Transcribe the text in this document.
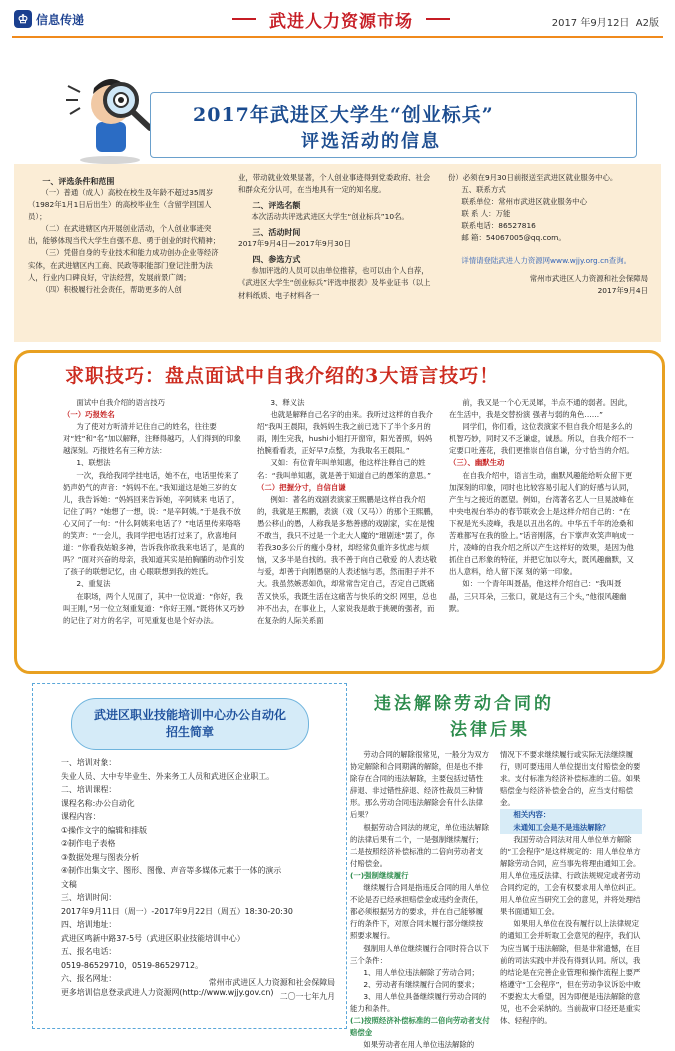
♔ 信息传递	武进人力资源市场	2017 年9月12日 A2版
2017年武进区大学生“创业标兵”
评选活动的信息

一、评选条件和范围

（一）普通（成人）高校在校生及年龄不超过35周岁（1982年1月1日后出生）的高校毕业生（含留学回国人员）；

（二）在武进辖区内开展创业活动，个人创业事迹突出，能够体现当代大学生自强不息、勇于创业的时代精神；

（三）凭借自身的专业技术和能力成功创办企业等经济实体，在武进辖区内工商、民政等职能部门登记注册为法人，行业内口碑良好，守法经营，发展前景广阔；

（四）积极履行社会责任，帮助更多的人创

业，带动就业效果显著，个人创业事迹得到党委政府、社会和群众充分认可，在当地具有一定的知名度。

二、评选名额

本次活动共评选武进区大学生“创业标兵”10名。

三、活动时间

2017年9月4日—2017年9月30日

四、参选方式

参加评选的人员可以由单位推荐，也可以由个人自荐，《武进区大学生“创业标兵”评选申报表》及毕业证书（以上材料纸质、电子材料各一

份）必须在9月30日前报送至武进区就业服务中心。

五、联系方式

联系单位：常州市武进区就业服务中心

联 系 人：万能

联系电话：86527816

邮 箱：54067005@qq.com。

详情请登陆武进人力资源网www.wjjy.org.cn查询。

常州市武进区人力资源和社会保障局

2017年9月4日

求职技巧：盘点面试中自我介绍的3大语言技巧！

面试中自我介绍的语言技巧

（一）巧报姓名

为了使对方听清并记住自己的姓名，往往要对“姓”和“名”加以解释，注释得越巧，人们得到的印象越深刻。巧报姓名有三种方法：

1、联想法

一次，我给我同学挂电话，她不在，电话里传来了奶声奶气的声音：“妈妈不在。”我知道这是她三岁的女儿，我告诉她：“妈妈回来告诉她，辛阿姨来 电话了，记住了吗？”她想了一想，说：“是辛阿姨。”于是我不放心又问了一句：“什么阿姨来电话了？”电话里传来咯咯的笑声：“一会儿，我同学把电话打过来了，欣喜地问道：“你看我姑娘多神，告诉我你欲我来电话了，是真的吗？”面对兴奋的母亲，我知道其实是拍胸脯的动作引发了孩子的联想记忆，由 心眼联想到我的姓氏。

2、重复法

在职场，两个人见面了，其中一位说道：“你好，我叫王刚，”另一位立刻重复道：“你好王刚。”既将休又巧妙的记住了对方的名字，可见重复也是个好办法。

3、释义法

也就是解释自己名字的由来。我听过这样的自我介绍“我叫王晨阳，我妈妈生我之前已选下了半个多月的雨，刚生完我，hushi小姐打开窗帘，阳光普照，妈妈抬腕看看表，正好早7点整，为我取名王晨阳。”

又如：有位青年叫单知惠，他这样注释自己的姓名：“我叫单知惠，就是善于知道自己的愚笨的意思。”

（二）把握分寸，自信自谦

例如：著名的戏剧表演家王熙鹏是这样自我介绍的，我就是王熙鹏，表演（戏（又马））的那个王熙鹏，愚公移山的愚，人称我是多愁善感的戏剧家，实在是愧不敢当，我只不过是一个北大人魔的“璀剧迷”罢了，你若我30多公斤的瘦小身材，却经常负重许多忧虑与烦恼，又多半是自找的。我不善于向自己敬爱 的人表达敬与爱，却善于向刚愚驱的人表述恼与恶，然而胆子并不大。我虽然嫉恶如仇，却常常告定自己，否定自己既痛苦又快乐，我既生活在这痛苦与快乐的交织 网里，总也冲不出去，在事业上，人家说我是敢于挑硬的强者，而在复杂的人际关系面

前，我又是一个心无灵犀，半点不通的弱者。因此，在生活中，我是交替扮演 强者与弱的角色……”

同学们，你们看，这位表演家不但自我介绍是多么的机智巧妙，同时又不乏谦虚，诚恳。所以，自我介绍不一定要口吐莲花，我们更推崇自信自谦，分寸恰当的介绍。

（三）、幽默生动

在自我介绍中，语言生动，幽默风趣能给听众留下更加深刻的印象，同时也比较容易引起人们的好感与认同，产生与之接近的愿望。例如，台湾著名艺人一旦晃波峰在中央电视台举办的春节联欢会上是这样介绍自己的：“在下祝是光头凌峰，我是以丑出名的。中华五千年的沧桑和苦难都写在我的脸上。”话音刚落，台下掌声欢笑声响成一片，凌峰的自我介绍之所以产生这样好的效果，是因为他抓住自己形象的特征，并把它加以夸大，既风趣幽默，又出人意料，给人留下深 刻的第一印象。

如：一个青年叫聂晶，他这样介绍自己：“我叫聂晶，三只耳朵，三张口，就是这有三个头，”他很风趣幽默。

武进区职业技能培训中心办公自动化
招生简章

一、培训对象：

失业人员、大中专毕业生、外来务工人员和武进区企业职工。

二、培训课程：

课程名称:办公自动化

课程内容：

①操作文字的编辑和排版

②制作电子表格

③数据处理与图表分析

④制作出集文字、图形、图像、声音等多媒体元素于一体的演示

文稿

三、培训时间：

2017年9月11日（周一）-2017年9月22日（周五）18:30-20:30

四、培训地址：

武进区鸣新中路37-5号（武进区职业技能培训中心）

五、报名电话：

0519-86529710，0519-86529712。

六、报名网址：

更多培训信息登录武进人力资源网(http://www.wjjy.gov.cn)

常州市武进区人力资源和社会保障局

二〇一七年九月

违法解除劳动合同的
法律后果

劳动合同的解除很常见，一般分为双方协定解除和合同期满的解除，但是也不排除存在合同的违法解除，主要包括过错性辞退、非过错性辞退、经济性裁员三种情形。那么劳动合同违法解除会有什么法律后果？

根据劳动合同法的规定，单位违法解除的法律后果有二个，一是强制继续履行；二是按照经济补偿标准的二倍向劳动者支付赔偿金。

(一)强制继续履行

继续履行合同是指违反合同的用人单位不论是否已经承担赔偿金或违约金责任，都必须根据另方的要求，并在自己能够履行的条件下，对原合同未履行部分继续按照要求履行。

强制用人单位继续履行合同时符合以下三个条件：

1、用人单位违法解除了劳动合同；

2、劳动者有继续履行合同的要求；

3、用人单位具备继续履行劳动合同的能力和条件。

(二)按照经济补偿标准的二倍向劳动者支付赔偿金

如果劳动者在用人单位违法解除的

情况下不要求继续履行或实际无法继续履行，则可要违用人单位提出支付赔偿金的要求。支付标准为经济补偿标准的二倍。如果赔偿金与经济补偿金合的，应当支付赔偿金。

相关内容：

未通知工会是不是违法解除？

我国劳动合同法对用人单位单方解除的“工会程序”是这样规定的：用人单位单方解除劳动合同，应当事先将理由通知工会。用人单位违反法律、行政法规规定或者劳动合同约定的，工会有权要求用人单位纠正。用人单位应当研究工会的意见，并将处理结果书面通知工会。

如果用人单位在没有履行以上法律规定的通知工会并听取工会意见的程序，我们认为应当属于违法解除，但是非常遗憾，在目前的司法实践中并没有得到认同。所以，我的结论是在完善企业管理和操作流程上要严格遵守“工会程序”，但在劳动争议诉讼中败不要抱太大希望，因为即便是违法解除的意见，也不会采纳的。当前裁审口径还是重实体、轻程序的。
